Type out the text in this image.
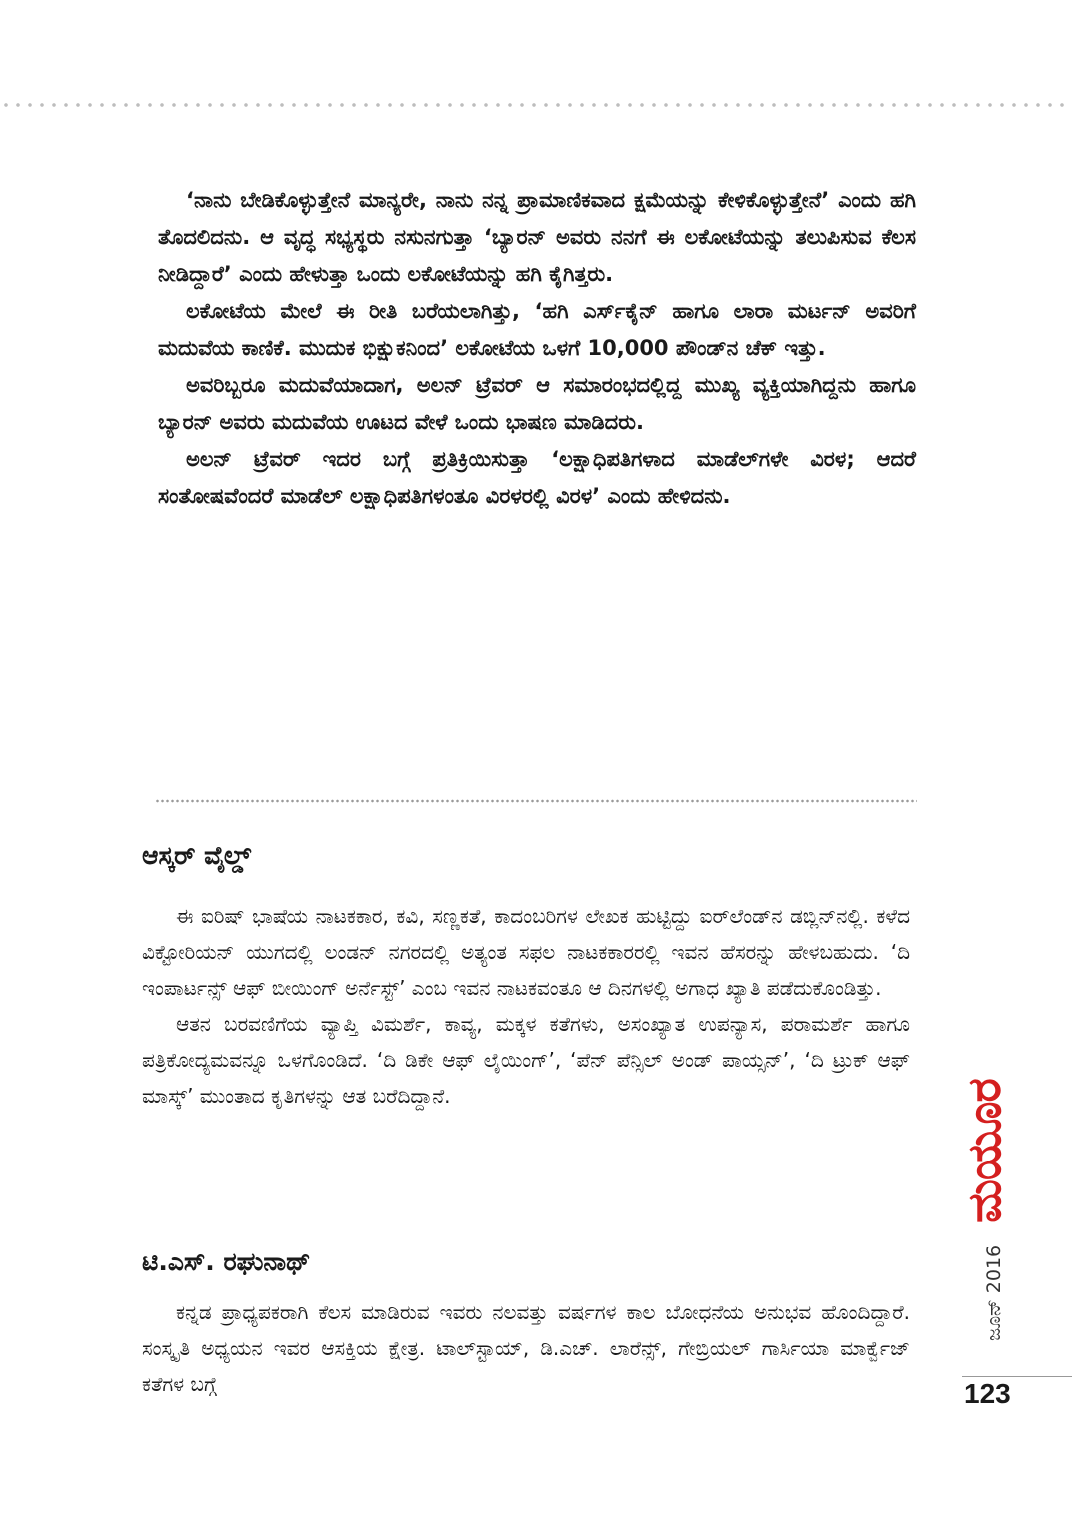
‘ನಾನು ಬೇಡಿಕೊಳ್ಳುತ್ತೇನೆ ಮಾನ್ಯರೇ, ನಾನು ನನ್ನ ಪ್ರಾಮಾಣಿಕವಾದ ಕ್ಷಮೆಯನ್ನು ಕೇಳಿಕೊಳ್ಳುತ್ತೇನೆ’ ಎಂದು ಹಗಿ ತೊದಲಿದನು. ಆ ವೃದ್ಧ ಸಭ್ಯಸ್ಥರು ನಸುನಗುತ್ತಾ ‘ಬ್ಯಾರನ್ ಅವರು ನನಗೆ ಈ ಲಕೋಟೆಯನ್ನು ತಲುಪಿಸುವ ಕೆಲಸ ನೀಡಿದ್ದಾರೆ’ ಎಂದು ಹೇಳುತ್ತಾ ಒಂದು ಲಕೋಟೆಯನ್ನು ಹಗಿ ಕೈಗಿತ್ತರು.

ಲಕೋಟೆಯ ಮೇಲೆ ಈ ರೀತಿ ಬರೆಯಲಾಗಿತ್ತು, ‘ಹಗಿ ಎರ್ಸ್‌ಕೈನ್ ಹಾಗೂ ಲಾರಾ ಮರ್ಟನ್ ಅವರಿಗೆ ಮದುವೆಯ ಕಾಣಿಕೆ. ಮುದುಕ ಭಿಕ್ಷುಕನಿಂದ’ ಲಕೋಟೆಯ ಒಳಗೆ 10,000 ಪೌಂಡ್‌ನ ಚೆಕ್ ಇತ್ತು.

ಅವರಿಬ್ಬರೂ ಮದುವೆಯಾದಾಗ, ಅಲನ್ ಟ್ರೆವರ್ ಆ ಸಮಾರಂಭದಲ್ಲಿದ್ದ ಮುಖ್ಯ ವ್ಯಕ್ತಿಯಾಗಿದ್ದನು ಹಾಗೂ ಬ್ಯಾರನ್ ಅವರು ಮದುವೆಯ ಊಟದ ವೇಳೆ ಒಂದು ಭಾಷಣ ಮಾಡಿದರು.

ಅಲನ್ ಟ್ರೆವರ್ ಇದರ ಬಗ್ಗೆ ಪ್ರತಿಕ್ರಿಯಿಸುತ್ತಾ ‘ಲಕ್ಷಾಧಿಪತಿಗಳಾದ ಮಾಡೆಲ್‌ಗಳೇ ವಿರಳ; ಆದರೆ ಸಂತೋಷವೆಂದರೆ ಮಾಡೆಲ್ ಲಕ್ಷಾಧಿಪತಿಗಳಂತೂ ವಿರಳರಲ್ಲಿ ವಿರಳ’ ಎಂದು ಹೇಳಿದನು.

ಆಸ್ಕರ್ ವೈಲ್ಡ್

ಈ ಐರಿಷ್ ಭಾಷೆಯ ನಾಟಕಕಾರ, ಕವಿ, ಸಣ್ಣಕತೆ, ಕಾದಂಬರಿಗಳ ಲೇಖಕ ಹುಟ್ಟಿದ್ದು ಐರ್‌ಲೆಂಡ್‌ನ ಡಬ್ಲಿನ್‌ನಲ್ಲಿ. ಕಳೆದ ವಿಕ್ಟೋರಿಯನ್ ಯುಗದಲ್ಲಿ ಲಂಡನ್ ನಗರದಲ್ಲಿ ಅತ್ಯಂತ ಸಫಲ ನಾಟಕಕಾರರಲ್ಲಿ ಇವನ ಹೆಸರನ್ನು ಹೇಳಬಹುದು. ‘ದಿ ಇಂಪಾರ್ಟನ್ಸ್ ಆಫ್ ಬೀಯಿಂಗ್ ಅರ್ನೆಸ್ಟ್’ ಎಂಬ ಇವನ ನಾಟಕವಂತೂ ಆ ದಿನಗಳಲ್ಲಿ ಅಗಾಧ ಖ್ಯಾತಿ ಪಡೆದುಕೊಂಡಿತ್ತು.

ಆತನ ಬರವಣಿಗೆಯ ವ್ಯಾಪ್ತಿ ವಿಮರ್ಶೆ, ಕಾವ್ಯ, ಮಕ್ಕಳ ಕತೆಗಳು, ಅಸಂಖ್ಯಾತ ಉಪನ್ಯಾಸ, ಪರಾಮರ್ಶೆ ಹಾಗೂ ಪತ್ರಿಕೋದ್ಯಮವನ್ನೂ ಒಳಗೊಂಡಿದೆ. ‘ದಿ ಡಿಕೇ ಆಫ್ ಲೈಯಿಂಗ್’, ‘ಪೆನ್ ಪೆನ್ಸಿಲ್ ಅಂಡ್ ಪಾಯ್ಸನ್’, ‘ದಿ ಟ್ರುಕ್ ಆಫ್ ಮಾಸ್ಕ್’ ಮುಂತಾದ ಕೃತಿಗಳನ್ನು ಆತ ಬರೆದಿದ್ದಾನೆ.

ಟಿ.ಎಸ್. ರಘುನಾಥ್

ಕನ್ನಡ ಪ್ರಾಧ್ಯಪಕರಾಗಿ ಕೆಲಸ ಮಾಡಿರುವ ಇವರು ನಲವತ್ತು ವರ್ಷಗಳ ಕಾಲ ಬೋಧನೆಯ ಅನುಭವ ಹೊಂದಿದ್ದಾರೆ. ಸಂಸ್ಕೃತಿ ಅಧ್ಯಯನ ಇವರ ಆಸಕ್ತಿಯ ಕ್ಷೇತ್ರ. ಟಾಲ್‌ಸ್ಟಾಯ್, ಡಿ.ಎಚ್. ಲಾರೆನ್ಸ್, ಗೇಬ್ರಿಯಲ್ ಗಾರ್ಸಿಯಾ ಮಾರ್ಕ್ವೆಜ್ ಕತೆಗಳ ಬಗ್ಗೆ

ಜೂನ್ 2016ಮಯೂರ
123
